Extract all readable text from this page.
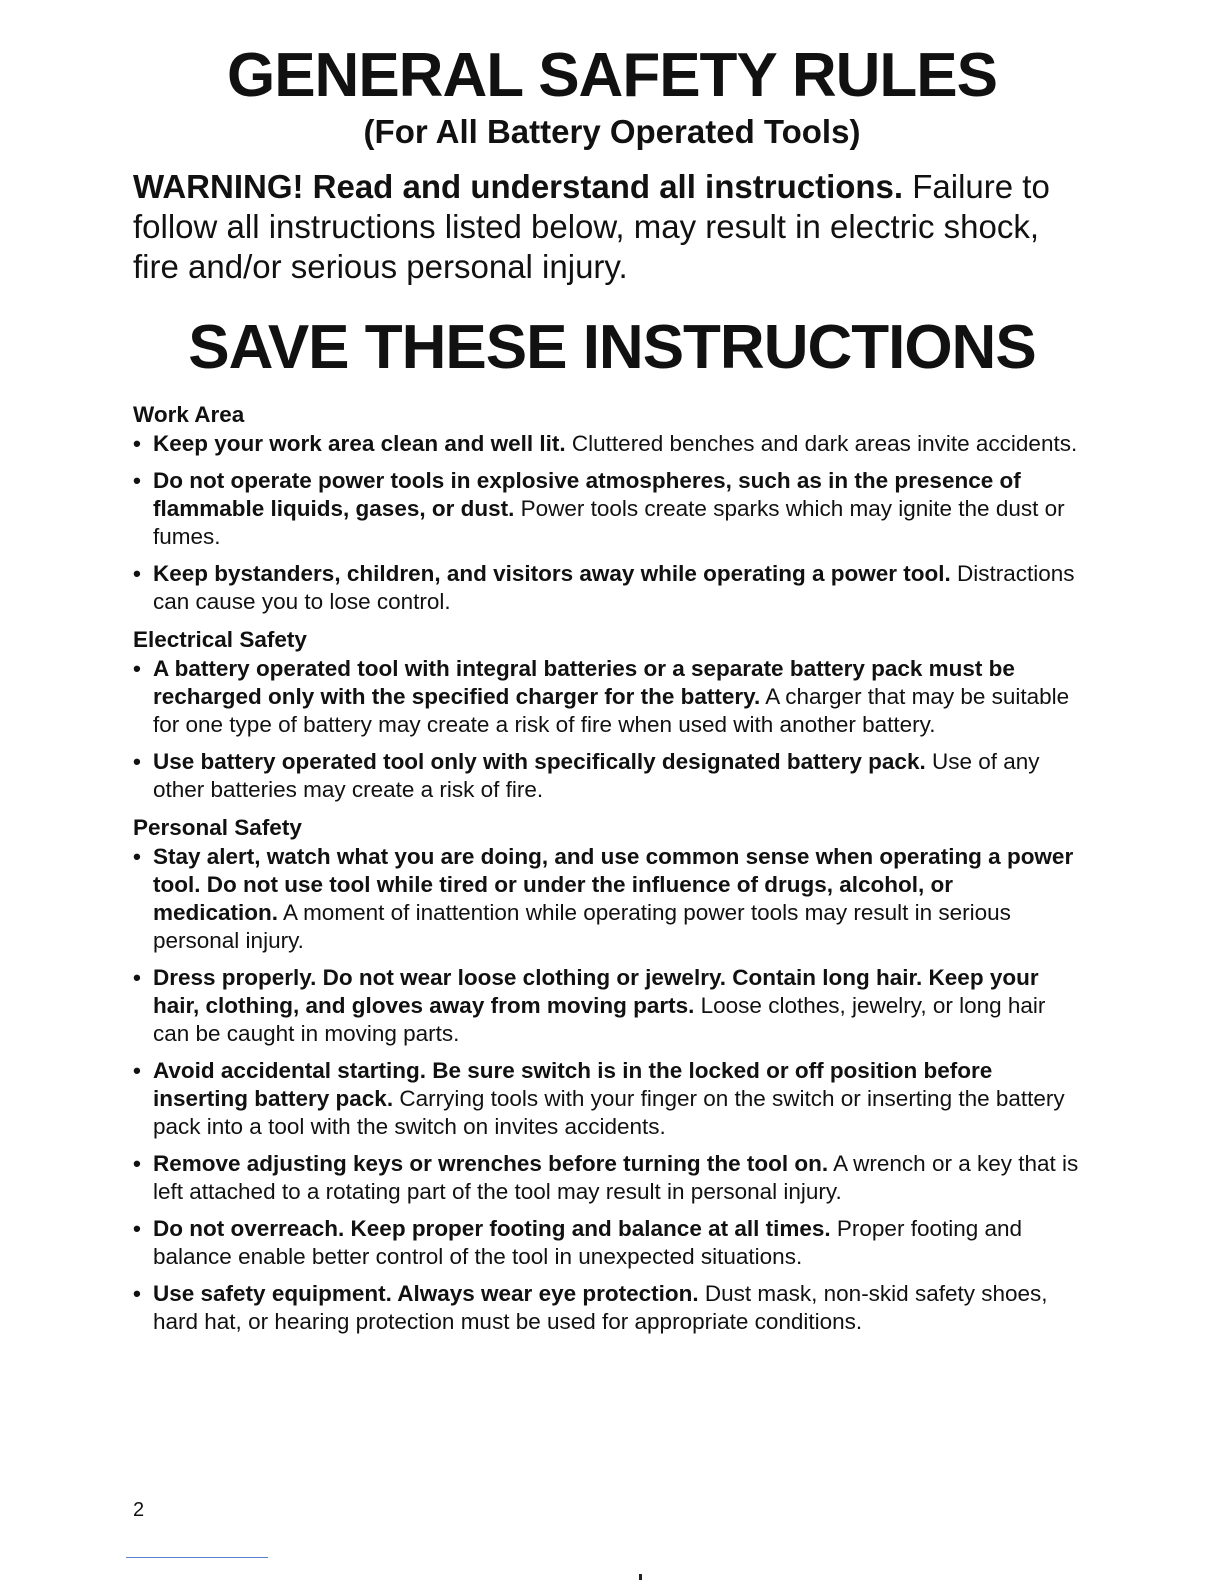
GENERAL SAFETY RULES
(For All Battery Operated Tools)

WARNING! Read and understand all instructions. Failure to follow all instructions listed below, may result in electric shock, fire and/or serious personal injury.

SAVE THESE INSTRUCTIONS
Work Area
• Keep your work area clean and well lit. Cluttered benches and dark areas invite accidents.
• Do not operate power tools in explosive atmospheres, such as in the presence of flammable liquids, gases, or dust. Power tools create sparks which may ignite the dust or fumes.
• Keep bystanders, children, and visitors away while operating a power tool. Distractions can cause you to lose control.
Electrical Safety
• A battery operated tool with integral batteries or a separate battery pack must be recharged only with the specified charger for the battery. A charger that may be suitable for one type of battery may create a risk of fire when used with another battery.
• Use battery operated tool only with specifically designated battery pack. Use of any other batteries may create a risk of fire.
Personal Safety
• Stay alert, watch what you are doing, and use common sense when operating a power tool. Do not use tool while tired or under the influence of drugs, alcohol, or medication. A moment of inattention while operating power tools may result in serious personal injury.
• Dress properly. Do not wear loose clothing or jewelry. Contain long hair. Keep your hair, clothing, and gloves away from moving parts. Loose clothes, jewelry, or long hair can be caught in moving parts.
• Avoid accidental starting. Be sure switch is in the locked or off position before inserting battery pack. Carrying tools with your finger on the switch or inserting the battery pack into a tool with the switch on invites accidents.
• Remove adjusting keys or wrenches before turning the tool on. A wrench or a key that is left attached to a rotating part of the tool may result in personal injury.
• Do not overreach. Keep proper footing and balance at all times. Proper footing and balance enable better control of the tool in unexpected situations.
• Use safety equipment. Always wear eye protection. Dust mask, non-skid safety shoes, hard hat, or hearing protection must be used for appropriate conditions.
2
